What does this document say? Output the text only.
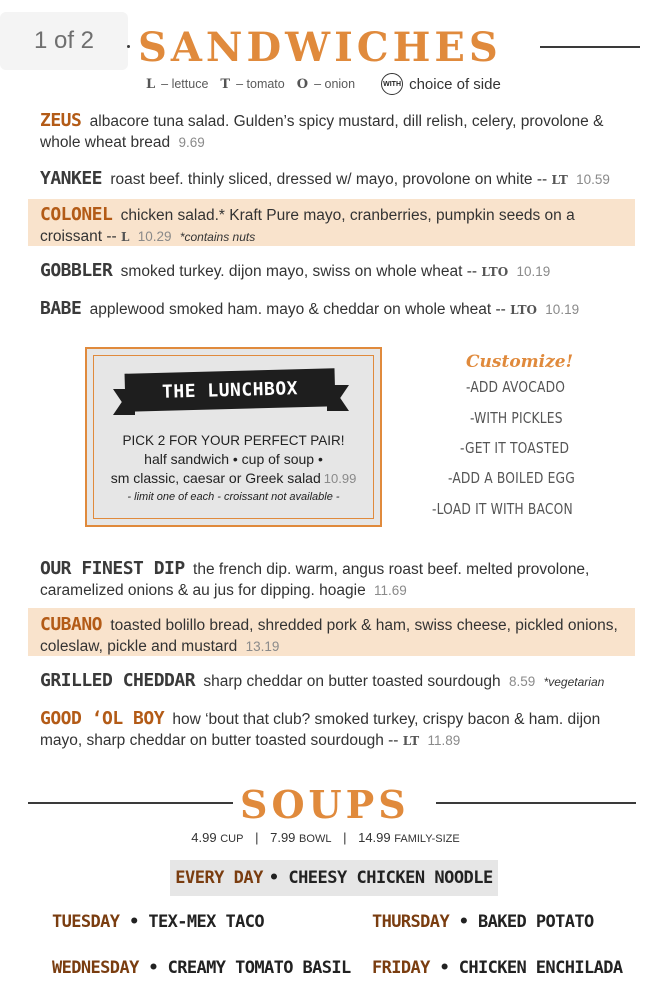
1 of 2	SANDWICHES
L – lettuce T – tomato O – onion	WITH choice of side
ZEUS albacore tuna salad. Gulden’s spicy mustard, dill relish, celery, provolone & whole wheat bread 9.69
YANKEE roast beef. thinly sliced, dressed w/ mayo, provolone on white -- LT 10.59
COLONEL chicken salad.* Kraft Pure mayo, cranberries, pumpkin seeds on a croissant -- L 10.29 *contains nuts
GOBBLER smoked turkey. dijon mayo, swiss on whole wheat -- LTO 10.19
BABE applewood smoked ham. mayo & cheddar on whole wheat -- LTO 10.19
THE LUNCHBOX
PICK 2 FOR YOUR PERFECT PAIR!
half sandwich • cup of soup •
sm classic, caesar or Greek salad 10.99
- limit one of each - croissant not available -
Customize!
-ADD AVOCADO
-WITH PICKLES
-GET IT TOASTED
-ADD A BOILED EGG
-LOAD IT WITH BACON
OUR FINEST DIP the french dip. warm, angus roast beef. melted provolone, caramelized onions & au jus for dipping. hoagie 11.69
CUBANO toasted bolillo bread, shredded pork & ham, swiss cheese, pickled onions, coleslaw, pickle and mustard 13.19
GRILLED CHEDDAR sharp cheddar on butter toasted sourdough 8.59 *vegetarian
GOOD ‘OL BOY how ‘bout that club? smoked turkey, crispy bacon & ham. dijon mayo, sharp cheddar on butter toasted sourdough -- LT 11.89
SOUPS
4.99 CUP | 7.99 BOWL | 14.99 FAMILY-SIZE
EVERY DAY • CHEESY CHICKEN NOODLE
TUESDAY • TEX-MEX TACO	THURSDAY • BAKED POTATO
WEDNESDAY • CREAMY TOMATO BASIL FRIDAY • CHICKEN ENCHILADA
